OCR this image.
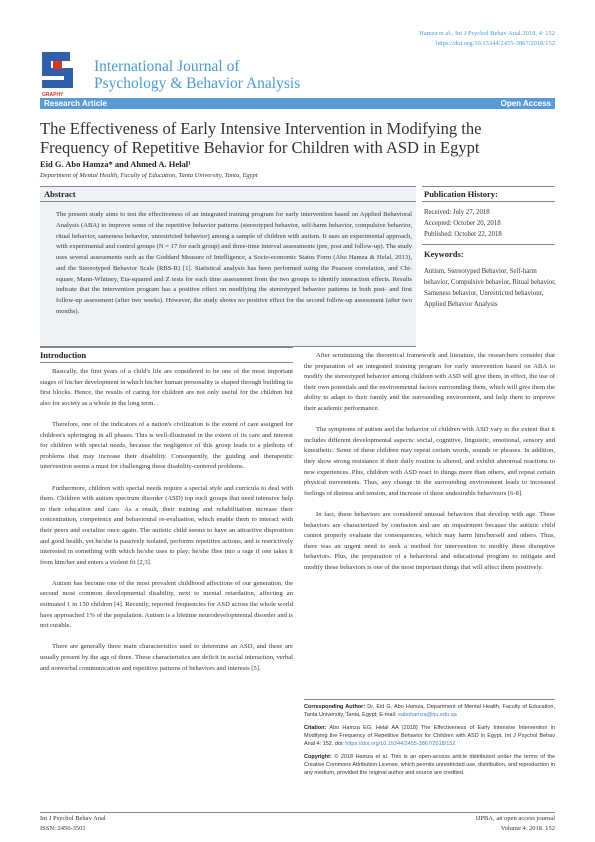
Hamza et al., Int J Psychol Behav Anal 2018, 4: 152
https://doi.org/10.15344/2455-3867/2018/152
GRAPHY
International Journal of
Psychology & Behavior Analysis
Research Article	Open Access
The Effectiveness of Early Intensive Intervention in Modifying the Frequency of Repetitive Behavior for Children with ASD in Egypt
Eid G. Abo Hamza* and Ahmed A. Helal¹
Department of Mental Health, Faculty of Education, Tanta University, Tanta, Egypt
Abstract
The present study aims to test the effectiveness of an integrated training program for early intervention based on Applied Behavioral Analysis (ABA) to improve some of the repetitive behavior patterns (stereotyped behavior, self-harm behavior, compulsive behavior, ritual behavior, sameness behavior, unrestricted behavior) among a sample of children with autism. It uses an experimental approach, with experimental and control groups (N = 17 for each group) and three-time interval assessments (pre, post and follow-up). The study uses several assessments such as the Goddard Measure of Intelligence, a Socio-economic Status Form (Abo Hamza & Helal, 2013), and the Stereotyped Behavior Scale (RBS-R) [1]. Statistical analysis has been performed using the Pearson correlation, and Chi-square, Mann-Whitney, Eta-squared and Z tests for each time assessment from the two groups to identify interaction effects. Results indicate that the intervention program has a positive effect on modifying the stereotyped behavior patterns in both post- and first follow-up assessment (after two weeks). However, the study shows no positive effect for the second follow-up assessment (after two months).
Publication History:
Received: July 27, 2018
Accepted: October 20, 2018
Published: October 22, 2018
Keywords:
Autism, Stereotyped Behavior, Self-harm behavior, Compulsive behavior, Ritual behavior, Sameness behavior, Unrestricted behaviour, Applied Behavior Analysis
Introduction

Basically, the first years of a child's life are considered to be one of the most important stages of his/her development in which his/her human personality is shaped through building its first blocks. Hence, the results of caring for children are not only useful for the children but also for society as a whole in the long term.

Therefore, one of the indicators of a nation's civilization is the extent of care assigned for children's upbringing in all phases. This is well-illustrated in the extent of its care and interest for children with special needs, because the negligence of this group leads to a plethora of problems that may increase their disability. Consequently, the guiding and therapeutic intervention seems a must for challenging these disability-centered problems.

Furthermore, children with special needs require a special style and curricula to deal with them. Children with autism spectrum disorder (ASD) top such groups that need intensive help in their education and care. As a result, their training and rehabilitation increase their concentration, competence and behavioural re-evaluation, which enable them to interact with their peers and socialize once again. The autistic child seems to have an attractive disposition and good health, yet he/she is passively isolated, performs repetitive actions, and is restrictively interested in something with which he/she uses to play; he/she flies into a rage if one takes it from him/her and enters a violent fit [2,3].

Autism has become one of the most prevalent childhood affections of our generation, the second most common developmental disability, next to mental retardation, affecting an estimated 1 in 150 children [4]. Recently, reported frequencies for ASD across the whole world have approached 1% of the population. Autism is a lifetime neurodevelopmental disorder and is not curable.

There are generally three main characteristics used to determine an ASD, and these are usually present by the age of three. These characteristics are deficit in social interaction, verbal and nonverbal communication and repetitive patterns of behaviors and interests [5].

After scrutinizing the theoretical framework and literature, the researchers consider that the preparation of an integrated training program for early intervention based on ABA to modify the stereotyped behavior among children with ASD will give them, in effect, the use of their own potentials and the environmental factors surrounding them, which will give them the ability to adapt to their family and the surrounding environment, and help them to improve their academic performance.

The symptoms of autism and the behavior of children with ASD vary to the extent that it includes different developmental aspects: social, cognitive, linguistic, emotional, sensory and kinesthetic. Some of these children may repeat certain words, sounds or phrases. In addition, they show strong resistance if their daily routine is altered, and exhibit abnormal reactions to new experiences. Plus, children with ASD react to things more than others, and repeat certain physical movements. Thus, any change in the surrounding environment leads to increased feelings of distress and tension, and increase of these undesirable behaviours [6-8].

In fact, these behaviors are considered unusual behaviors that develop with age. These behaviors are characterized by confusion and are an impairment because the autistic child cannot properly evaluate the consequences, which may harm him/herself and others. Thus, there was an urgent need to seek a method for intervention to modify these disruptive behaviors. Plus, the preparation of a behavioral and educational program to mitigate and modify these behaviors is one of the most important things that will affect them positively.

Corresponding Author: Dr. Eid G. Abo Hamza, Department of Mental Health, Faculty of Education, Tanta University, Tanta, Egypt; E-mail: eabohamza@qu.edu.qa

Citation: Abo Hamza EG, Helal AA (2018) The Effectiveness of Early Intensive Intervention in Modifying the Frequency of Repetitive Behavior for Children with ASD in Egypt. Int J Psychol Behav Anal 4: 152. doi: https://doi.org/10.15344/2455-3867/2018/152

Copyright: © 2018 Hamza et al. This is an open-access article distributed under the terms of the Creative Commons Attribution License, which permits unrestricted use, distribution, and reproduction in any medium, provided the original author and source are credited.

Int J Psychol Behav Anal
ISSN: 2456-3501
IJPBA, an open access journal
Volume 4. 2018. 152
